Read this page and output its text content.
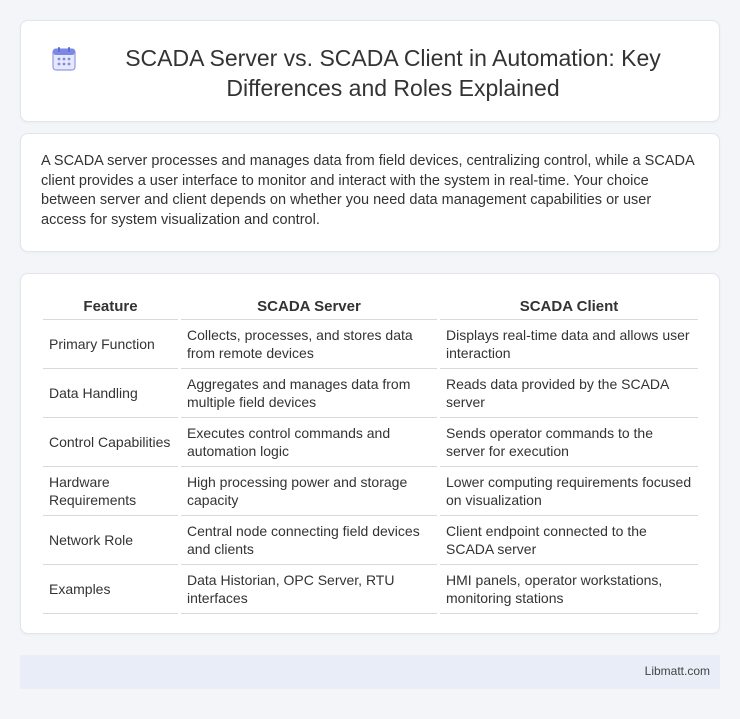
SCADA Server vs. SCADA Client in Automation: Key Differences and Roles Explained

A SCADA server processes and manages data from field devices, centralizing control, while a SCADA client provides a user interface to monitor and interact with the system in real-time. Your choice between server and client depends on whether you need data management capabilities or user access for system visualization and control.

Feature		SCADA Server		SCADA Client
Primary Function		Collects, processes, and stores data from remote devices		Displays real-time data and allows user interaction
Data Handling		Aggregates and manages data from multiple field devices		Reads data provided by the SCADA server
Control Capabilities		Executes control commands and automation logic		Sends operator commands to the server for execution
Hardware Requirements		High processing power and storage capacity		Lower computing requirements focused on visualization
Network Role		Central node connecting field devices and clients		Client endpoint connected to the SCADA server
Examples		Data Historian, OPC Server, RTU interfaces		HMI panels, operator workstations, monitoring stations
Libmatt.com
